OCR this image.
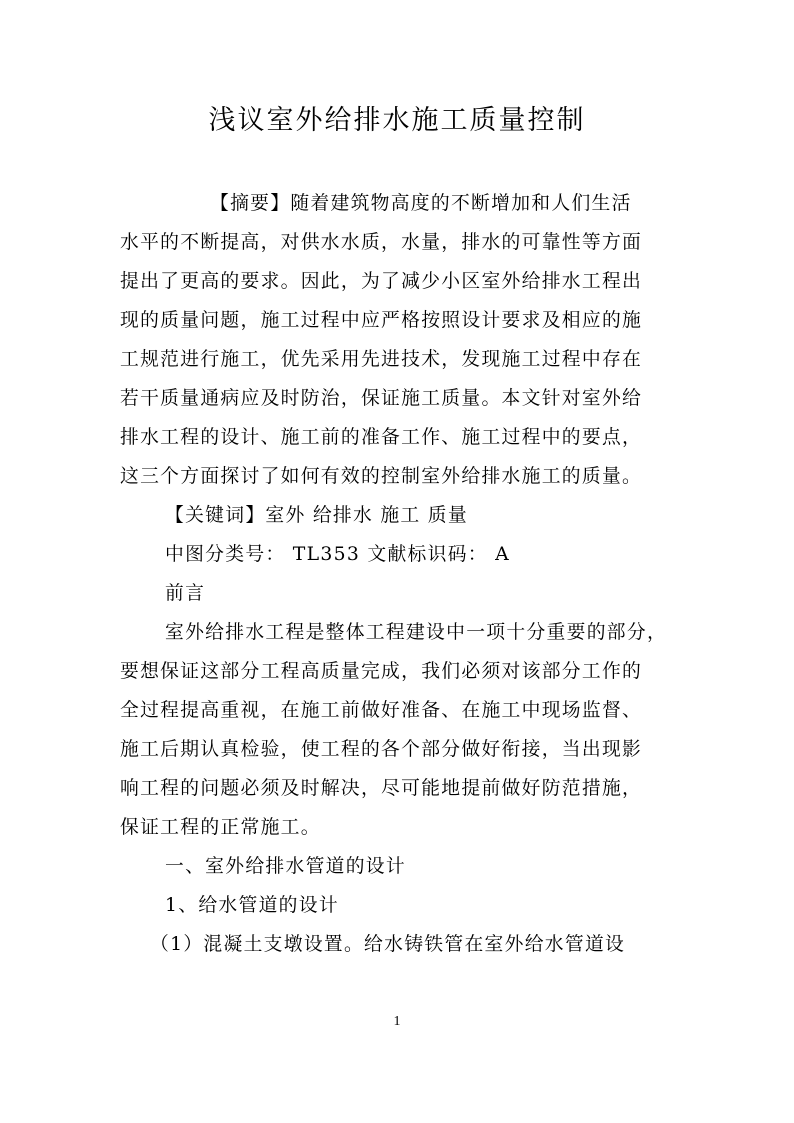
浅议室外给排水施工质量控制
【摘要】随着建筑物高度的不断增加和人们生活
水平的不断提高，对供水水质，水量，排水的可靠性等方面
提出了更高的要求。因此，为了减少小区室外给排水工程出
现的质量问题，施工过程中应严格按照设计要求及相应的施
工规范进行施工，优先采用先进技术，发现施工过程中存在
若干质量通病应及时防治，保证施工质量。本文针对室外给
排水工程的设计、施工前的准备工作、施工过程中的要点，
这三个方面探讨了如何有效的控制室外给排水施工的质量。
【关键词】室外 给排水 施工 质量
中图分类号： TL353 文献标识码： A
前言
室外给排水工程是整体工程建设中一项十分重要的部分，
要想保证这部分工程高质量完成，我们必须对该部分工作的
全过程提高重视，在施工前做好准备、在施工中现场监督、
施工后期认真检验，使工程的各个部分做好衔接，当出现影
响工程的问题必须及时解决，尽可能地提前做好防范措施，
保证工程的正常施工。
一、室外给排水管道的设计
1、给水管道的设计
（1）混凝土支墩设置。给水铸铁管在室外给水管道设
1
